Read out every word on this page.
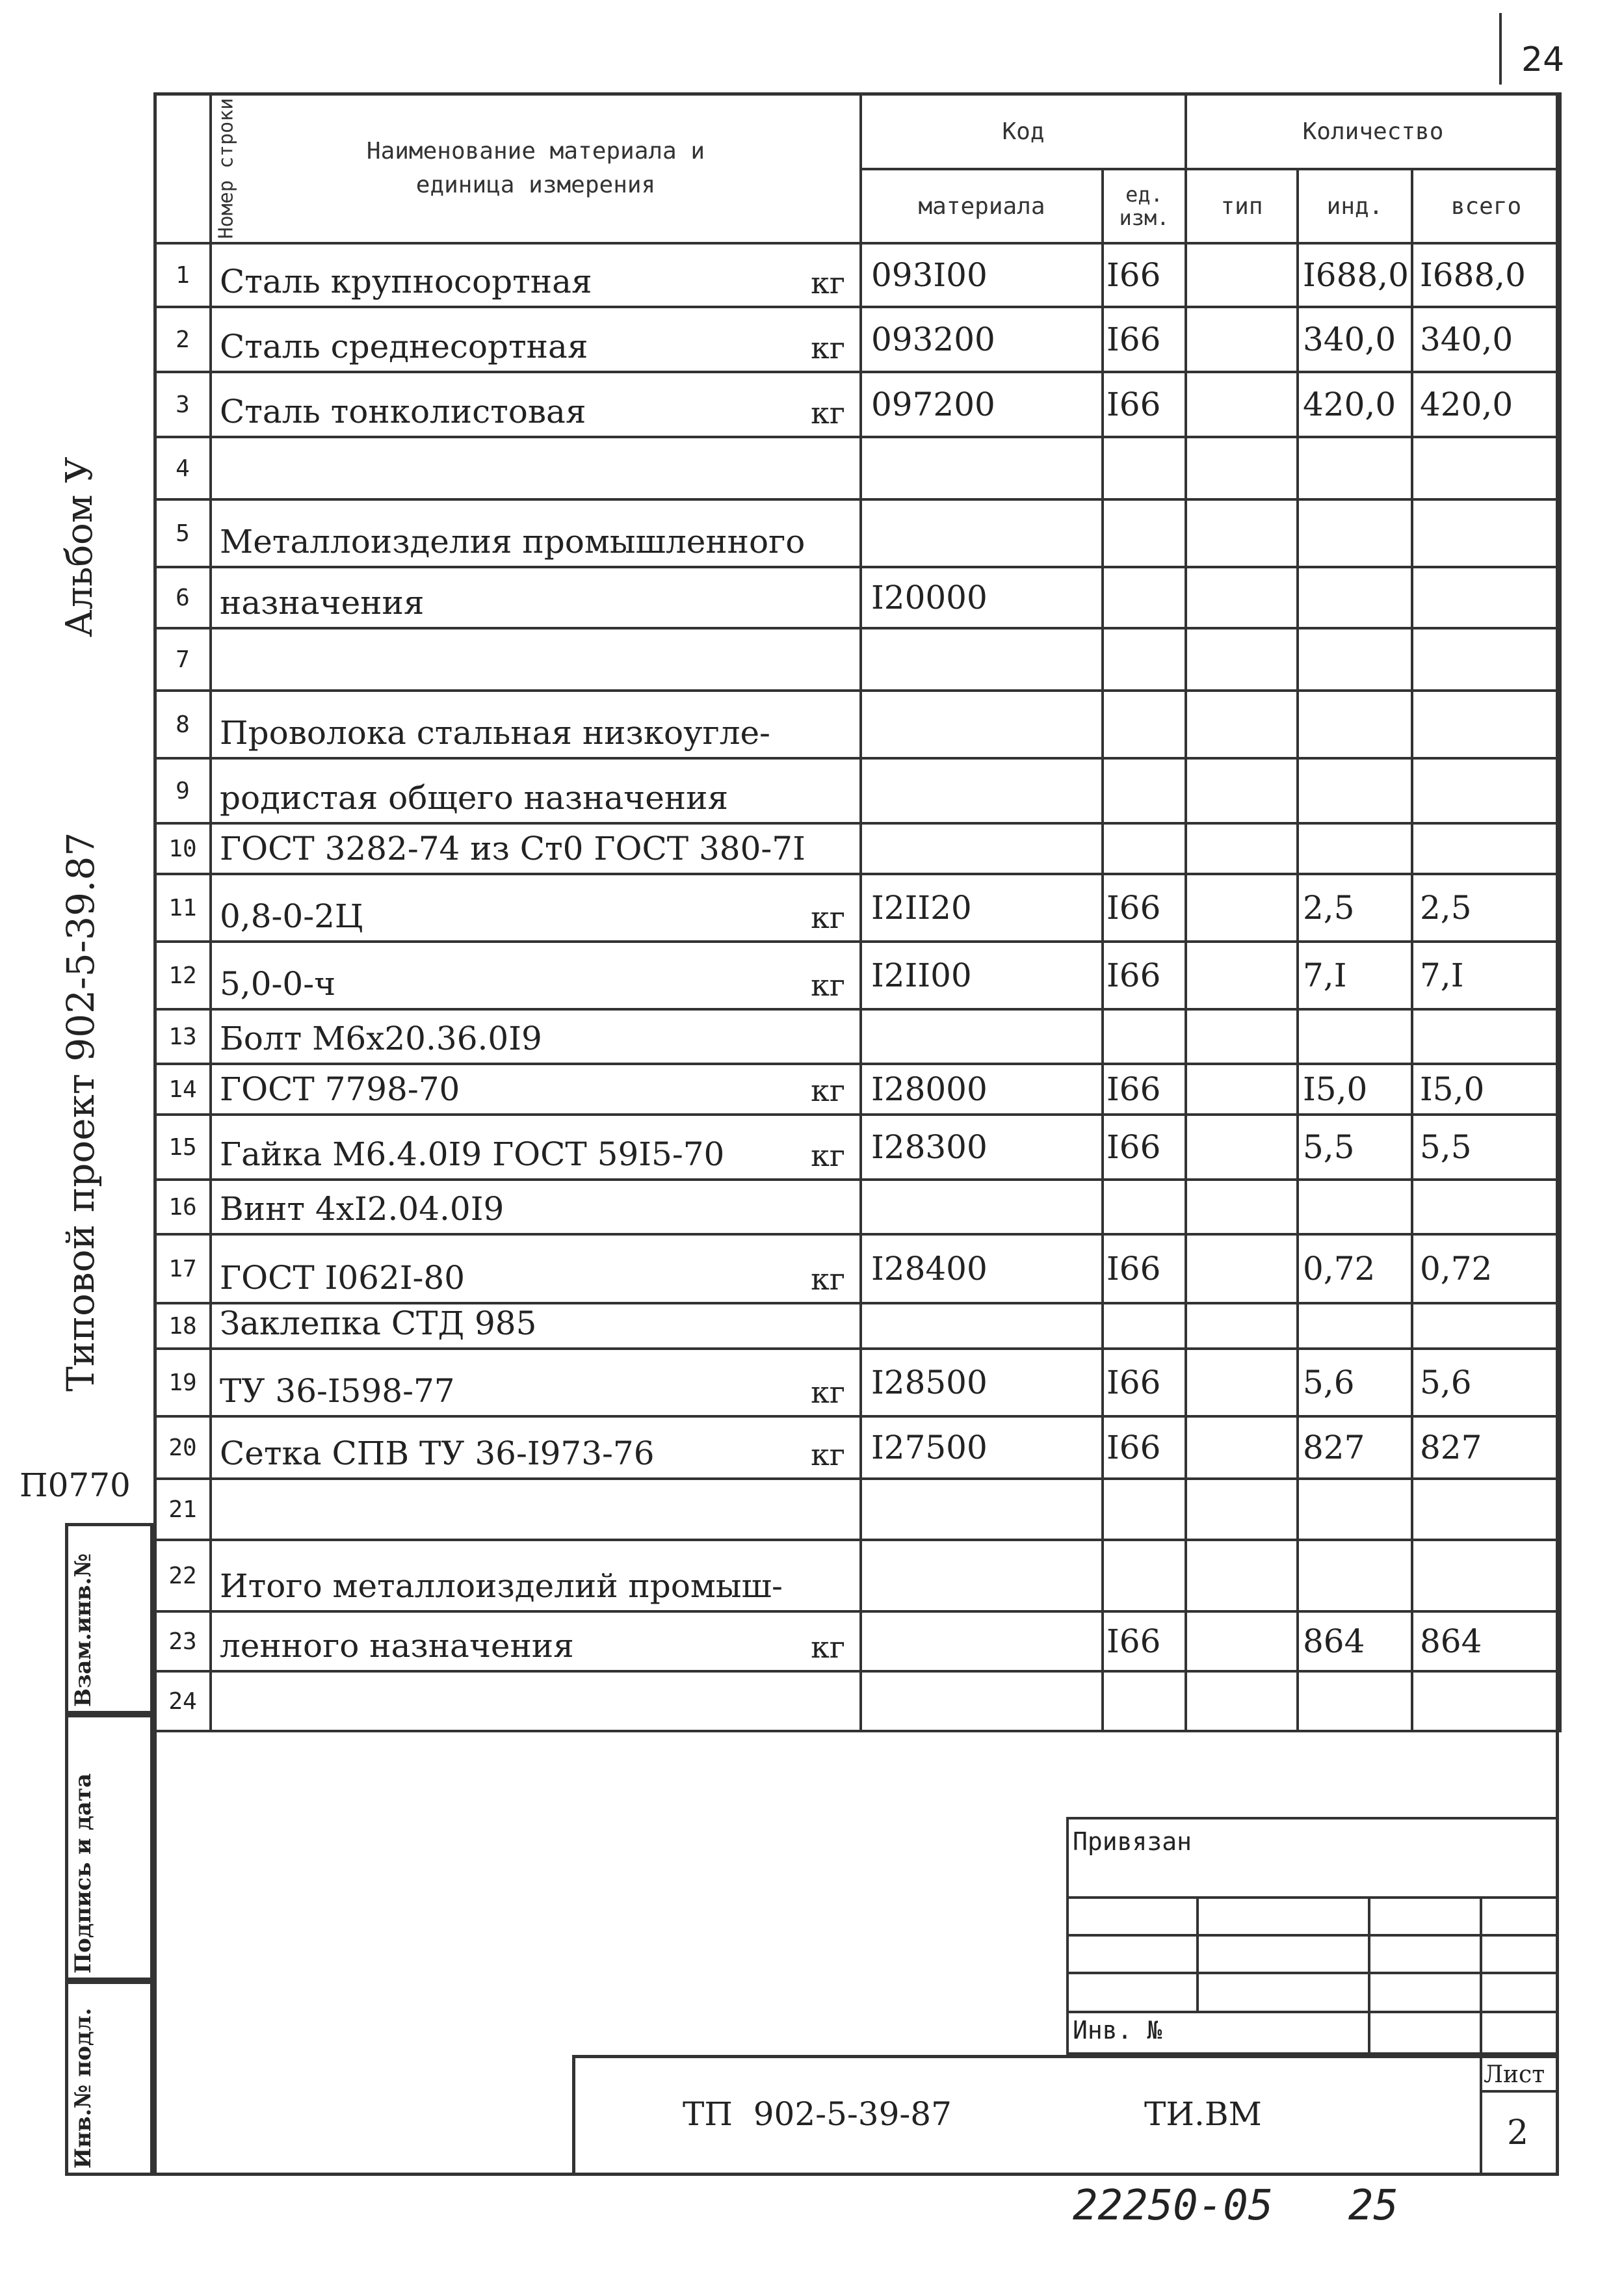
24
Альбом У
Типовой проект 902-5-39.87
П0770
Взам.инв.№
Подпись и дата
Инв.№ подл.
Номер строки	Наименование материала и единица измерения	Код		Количество		
		материала	ед. изм.	тип	инд.	всего
1	Сталь крупносортная кг	093I00	I66		I688,0	I688,0
2	Сталь среднесортная кг	093200	I66		340,0	340,0
3	Сталь тонколистовая кг	097200	I66		420,0	420,0
4	

5	Металлоизделия промышленного					

6	назначения	I20000				
7	

8	Проволока стальная низкоугле-					

9	родистая общего назначения					

10	ГОСТ 3282-74 из Ст0 ГОСТ 380-7I					

11	0,8-0-2Ц кг	I2II20	I66		2,5	2,5
12	5,0-0-ч кг	I2II00	I66		7,I	7,I
13	Болт М6х20.36.0I9					

14	ГОСТ 7798-70 кг	I28000	I66		I5,0	I5,0
15	Гайка М6.4.0I9 ГОСТ 59I5-70 кг	I28300	I66		5,5	5,5
16	Винт 4хI2.04.0I9					

17	ГОСТ I062I-80 кг	I28400	I66		0,72	0,72
18	Заклепка СТД 985					

19	ТУ 36-I598-77 кг	I28500	I66		5,6	5,6
20	Сетка СПВ ТУ 36-I973-76 кг	I27500	I66		827	827
21	

22	Итого металлоизделий промыш-					

23	ленного назначения кг		I66		864	864
24	

Привязан
Инв. №
ТП  902-5-39-87	ТИ.ВМ
Лист
2
22250-05   25
